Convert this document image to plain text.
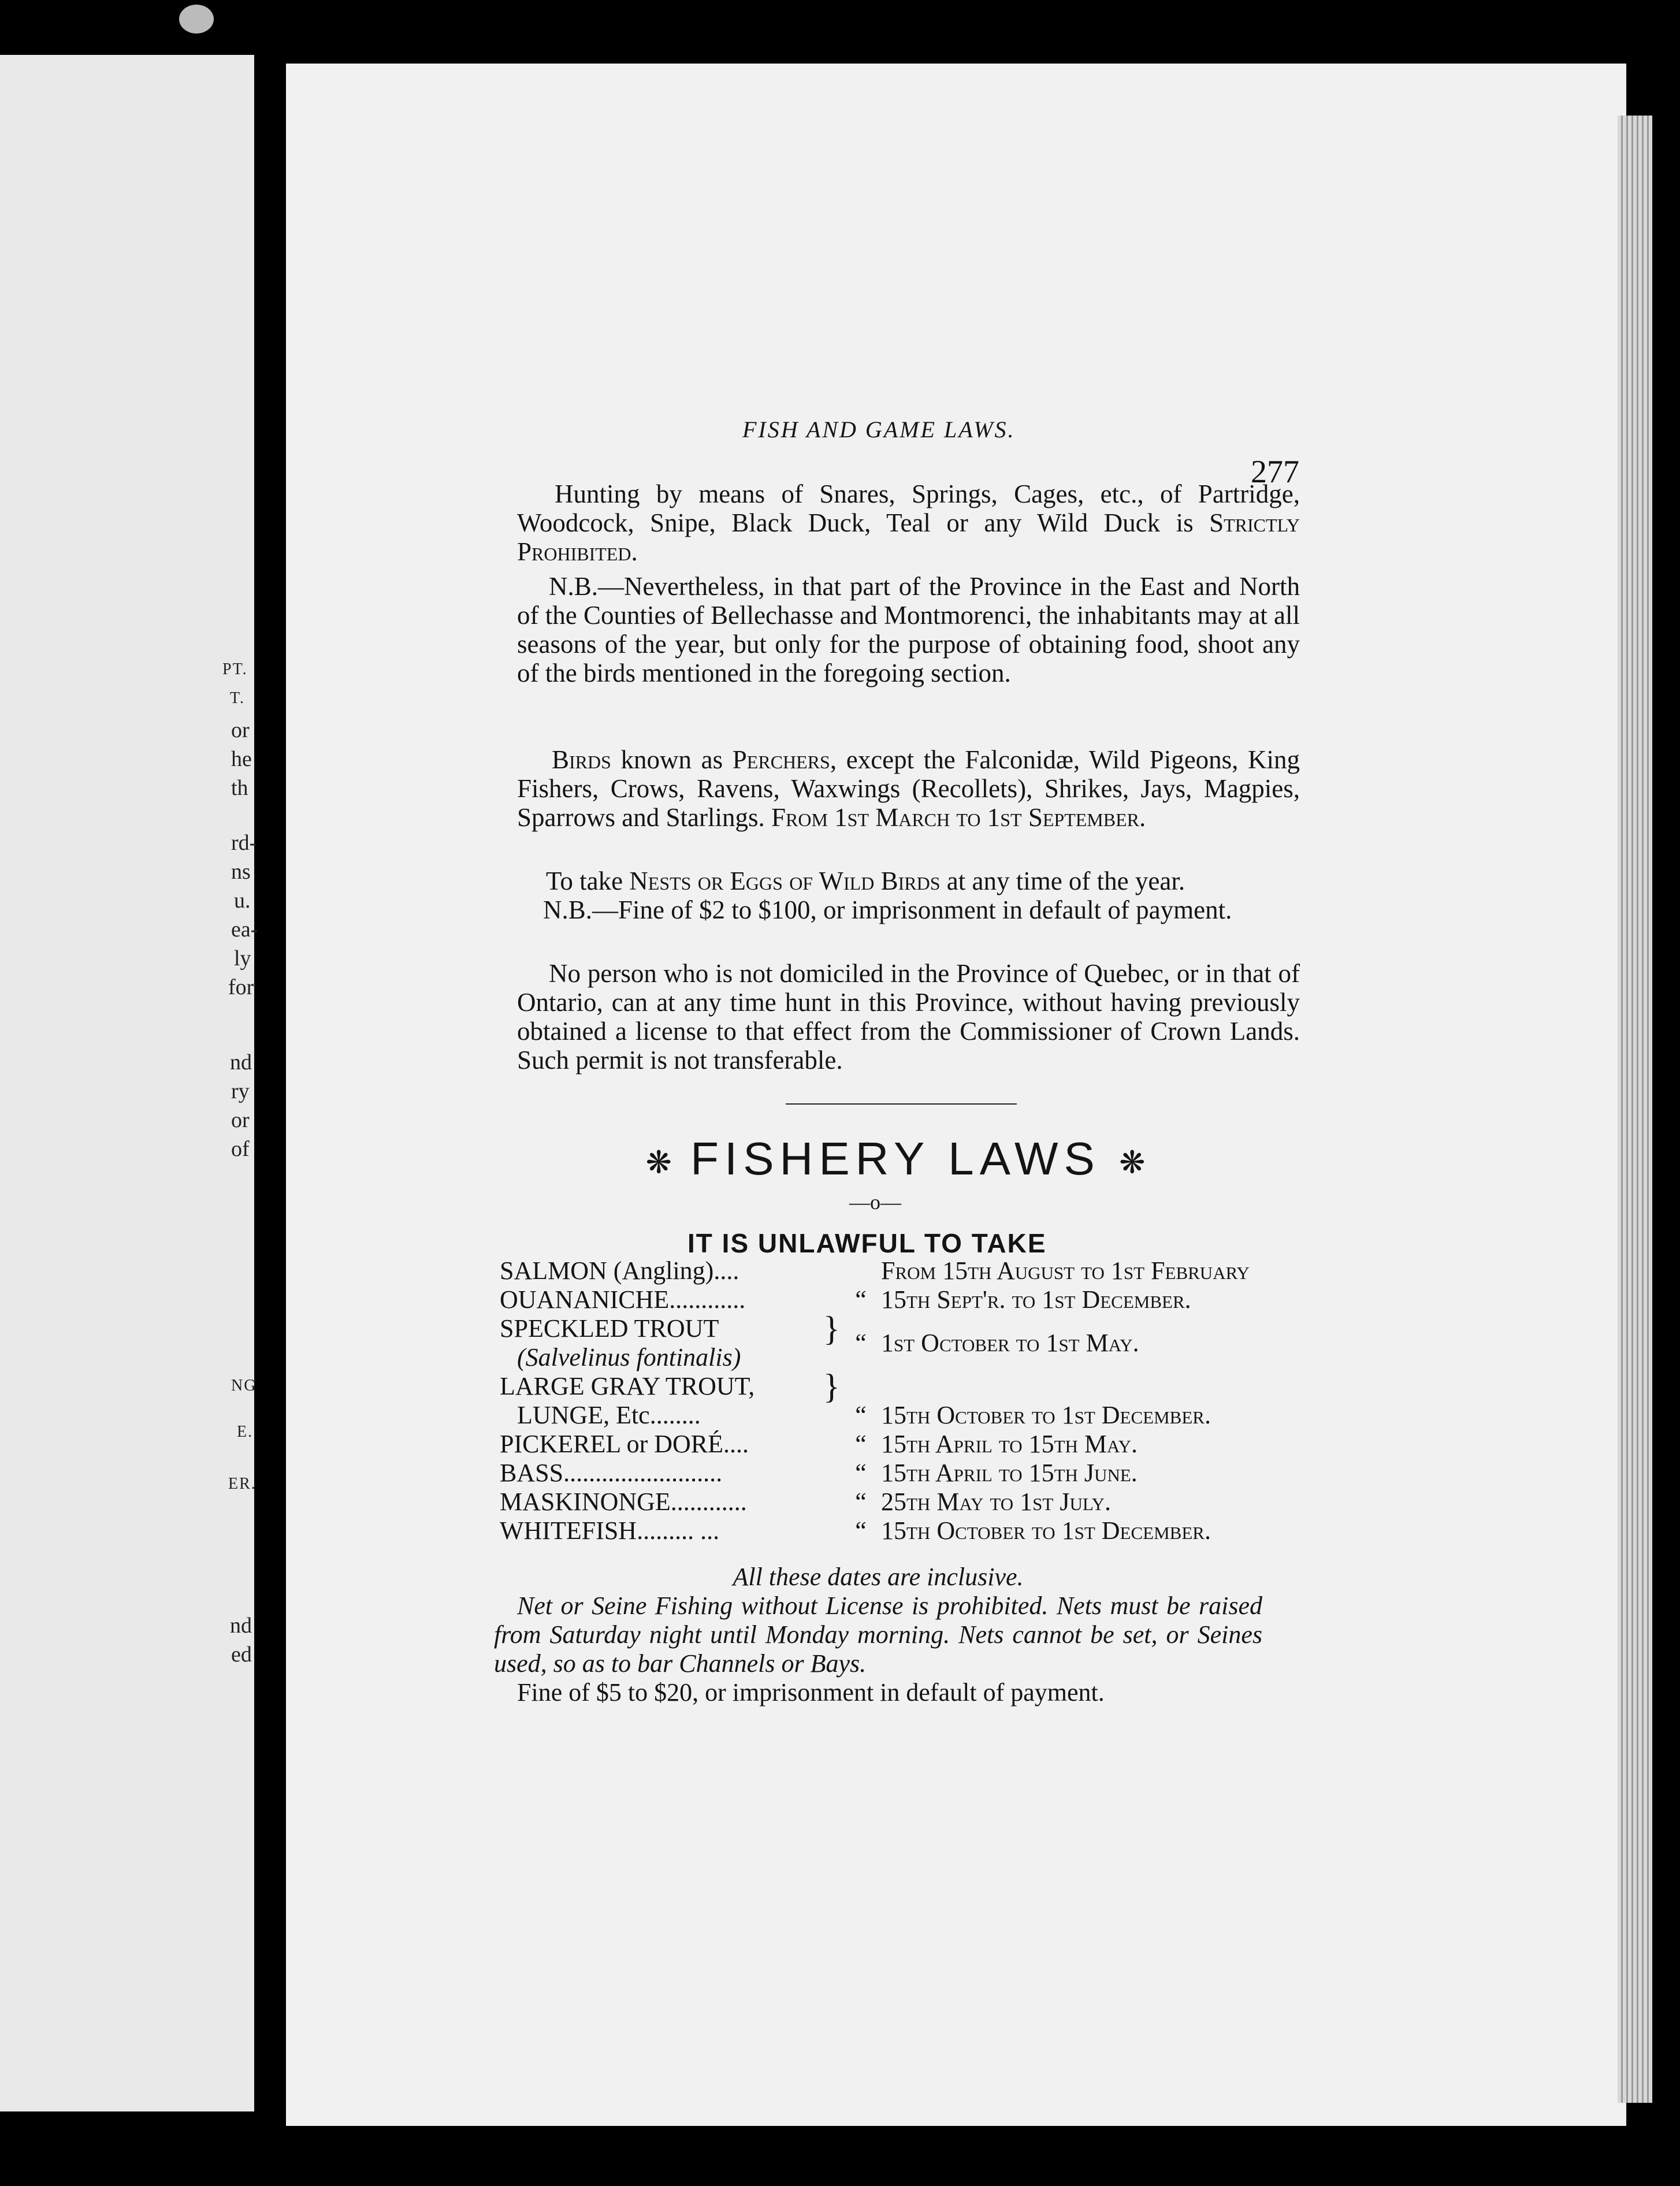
PT.
T.
or
he
th
rd-
ns
u.
ea-
ly
for
nd
ry
or
of
NG
E.
ER.
nd
ed
FISH AND GAME LAWS.
277

Hunting by means of Snares, Springs, Cages, etc., of Partridge, Woodcock, Snipe, Black Duck, Teal or any Wild Duck is Strictly Prohibited.

N.B.—Nevertheless, in that part of the Province in the East and North of the Counties of Bellechasse and Montmorenci, the inhabitants may at all seasons of the year, but only for the purpose of obtaining food, shoot any of the birds mentioned in the foregoing section.

Birds known as Perchers, except the Falconidæ, Wild Pigeons, King Fishers, Crows, Ravens, Waxwings (Recollets), Shrikes, Jays, Magpies, Sparrows and Starlings. From 1st March to 1st September.

To take Nests or Eggs of Wild Birds at any time of the year.

N.B.—Fine of $2 to $100, or imprisonment in default of payment.

No person who is not domiciled in the Province of Quebec, or in that of Ontario, can at any time hunt in this Province, without having previously obtained a license to that effect from the Commissioner of Crown Lands. Such permit is not transferable.

❋ FISHERY LAWS ❋
—o—
IT IS UNLAWFUL TO TAKE
SALMON (Angling)....			From 15th August to 1st February
OUANANICHE............		“	15th Sept'r. to 1st December.
SPECKLED TROUT
(Salvelinus fontinalis)	}	“	1st October to 1st May.
LARGE GRAY TROUT,
LUNGE, Etc........	}	“	15th October to 1st December.
PICKEREL or DORÉ....		“	15th April to 15th May.
BASS.........................		“	15th April to 15th June.
MASKINONGE............		“	25th May to 1st July.
WHITEFISH......... ...		“	15th October to 1st December.

All these dates are inclusive.

Net or Seine Fishing without License is prohibited. Nets must be raised from Saturday night until Monday morning. Nets cannot be set, or Seines used, so as to bar Channels or Bays.

Fine of $5 to $20, or imprisonment in default of payment.
